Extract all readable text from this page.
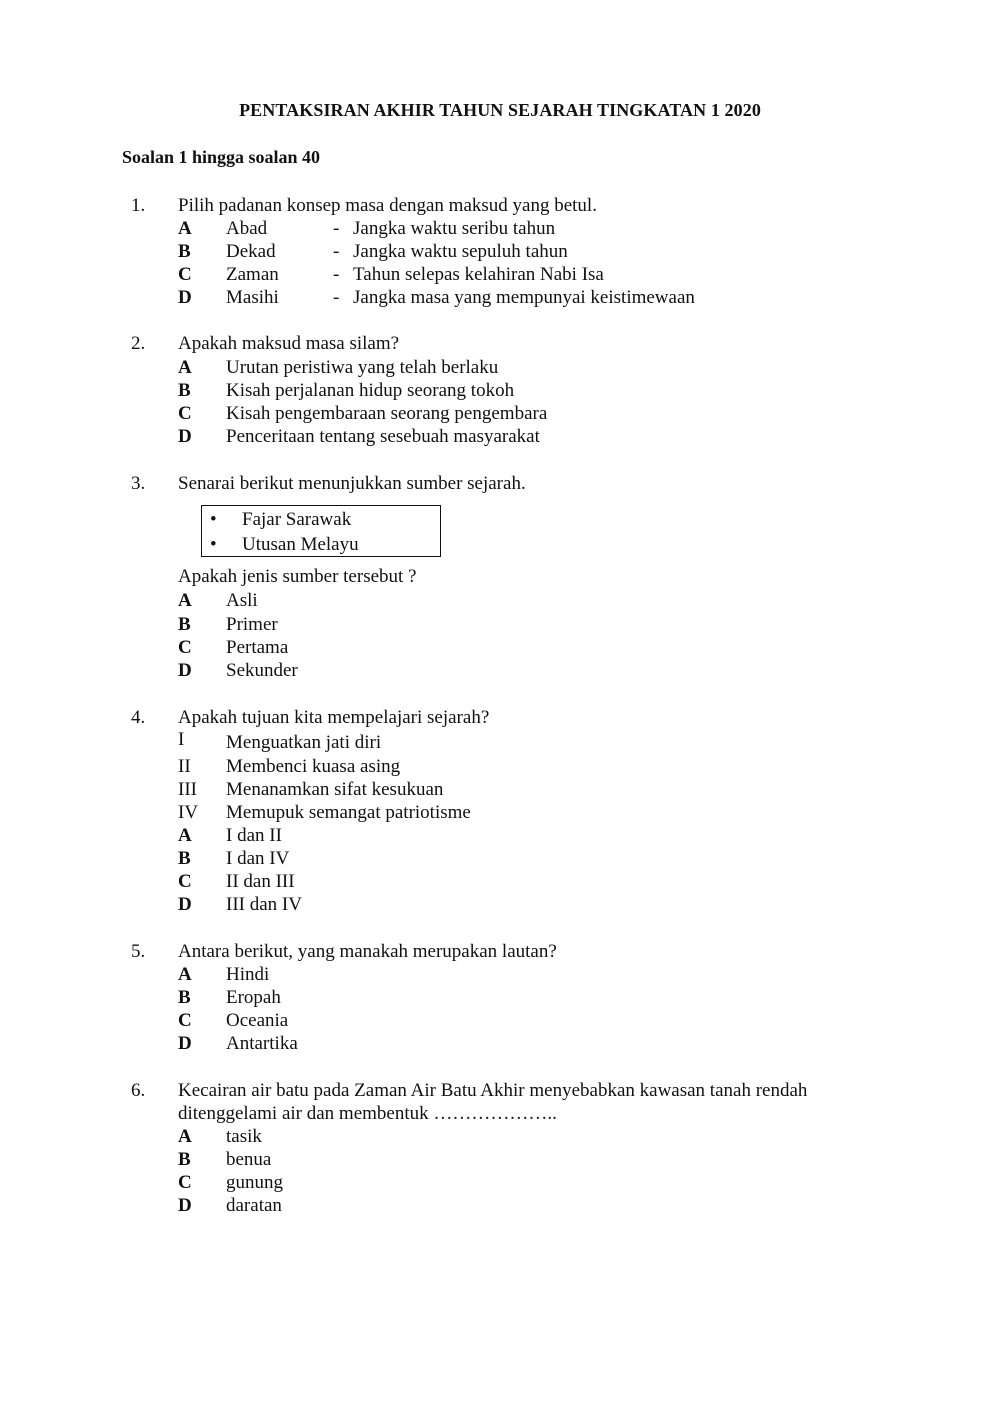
PENTAKSIRAN AKHIR TAHUN SEJARAH TINGKATAN 1 2020
Soalan 1 hingga soalan 40
1. Pilih padanan konsep masa dengan maksud yang betul.
A Abad	- Jangka waktu seribu tahun
B Dekad	- Jangka waktu sepuluh tahun
C Zaman	- Tahun selepas kelahiran Nabi Isa
D Masihi	- Jangka masa yang mempunyai keistimewaan
2. Apakah maksud masa silam?
A Urutan peristiwa yang telah berlaku
B Kisah perjalanan hidup seorang tokoh
C Kisah pengembaraan seorang pengembara
D Penceritaan tentang sesebuah masyarakat
3. Senarai berikut menunjukkan sumber sejarah.
• Fajar Sarawak
• Utusan Melayu
Apakah jenis sumber tersebut ?
A Asli
B Primer
C Pertama
D Sekunder
4. Apakah tujuan kita mempelajari sejarah?
I Menguatkan jati diri
II Membenci kuasa asing
III Menanamkan sifat kesukuan
IV Memupuk semangat patriotisme
A I dan II
B I dan IV
C II dan III
D III dan IV
5. Antara berikut, yang manakah merupakan lautan?
A Hindi
B Eropah
C Oceania
D Antartika
6. Kecairan air batu pada Zaman Air Batu Akhir menyebabkan kawasan tanah rendah
ditenggelami air dan membentuk ………………..
A tasik
B benua
C gunung
D daratan
